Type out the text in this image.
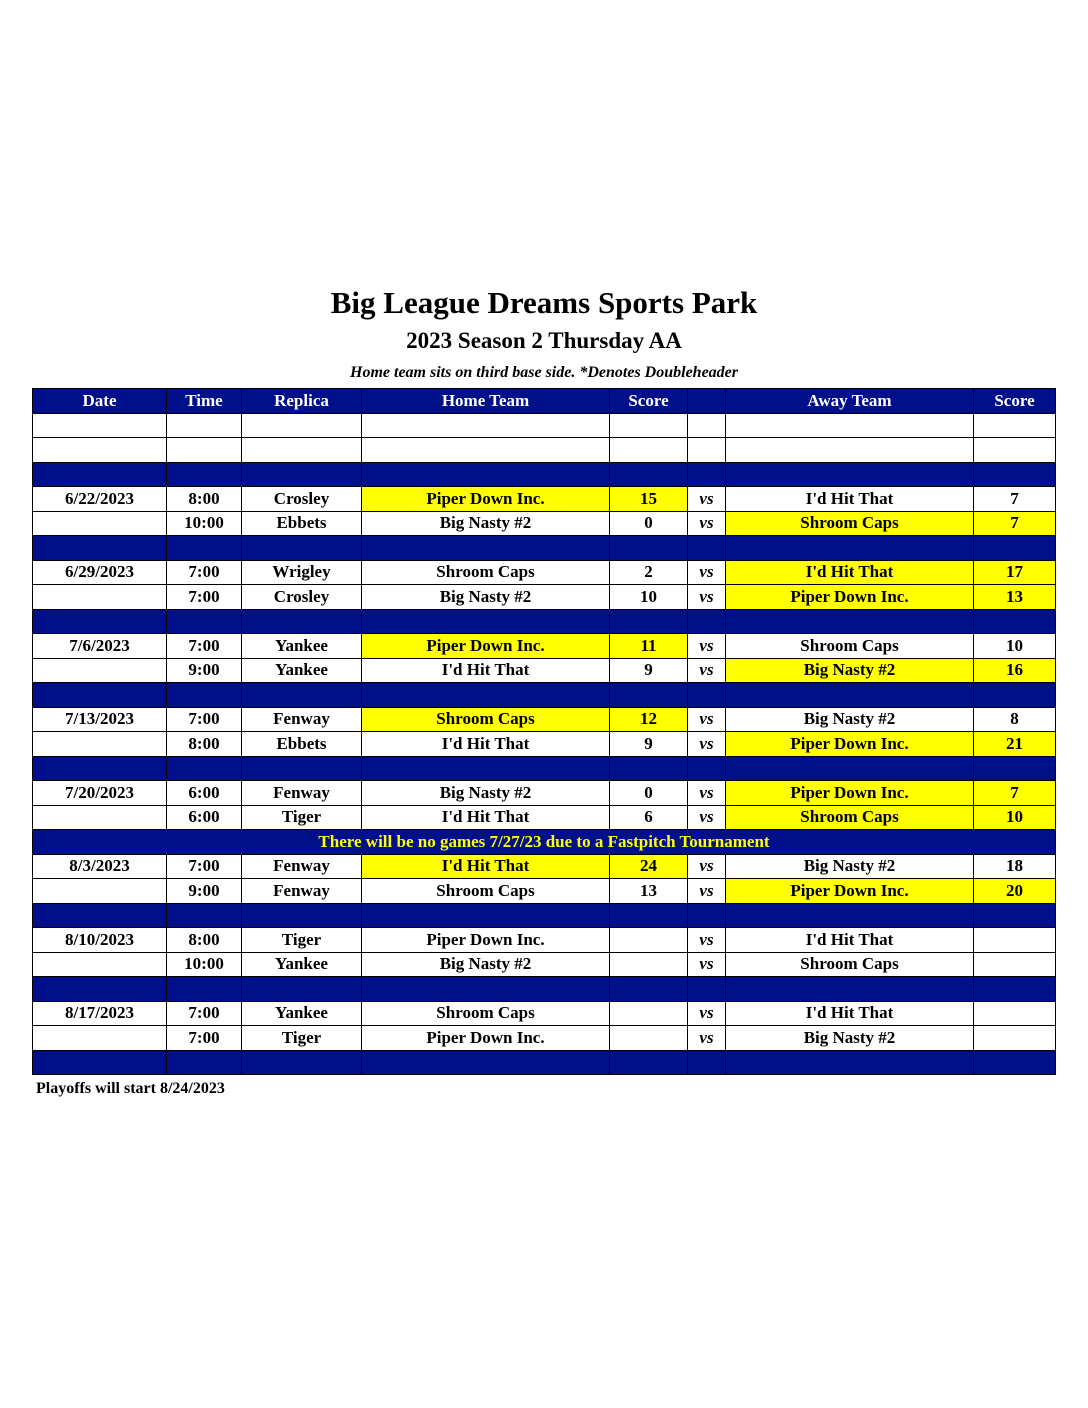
Big League Dreams Sports Park
2023 Season 2 Thursday AA
Home team sits on third base side. *Denotes Doubleheader
Date	Time	Replica	Home Team	Score		Away Team	Score

6/22/2023	8:00	Crosley	Piper Down Inc.	15	vs	I'd Hit That	7
	10:00	Ebbets	Big Nasty #2	0	vs	Shroom Caps	7

6/29/2023	7:00	Wrigley	Shroom Caps	2	vs	I'd Hit That	17
	7:00	Crosley	Big Nasty #2	10	vs	Piper Down Inc.	13

7/6/2023	7:00	Yankee	Piper Down Inc.	11	vs	Shroom Caps	10
	9:00	Yankee	I'd Hit That	9	vs	Big Nasty #2	16

7/13/2023	7:00	Fenway	Shroom Caps	12	vs	Big Nasty #2	8
	8:00	Ebbets	I'd Hit That	9	vs	Piper Down Inc.	21

7/20/2023	6:00	Fenway	Big Nasty #2	0	vs	Piper Down Inc.	7
	6:00	Tiger	I'd Hit That	6	vs	Shroom Caps	10
There will be no games 7/27/23 due to a Fastpitch Tournament							
8/3/2023	7:00	Fenway	I'd Hit That	24	vs	Big Nasty #2	18
	9:00	Fenway	Shroom Caps	13	vs	Piper Down Inc.	20

8/10/2023	8:00	Tiger	Piper Down Inc.		vs	I'd Hit That	
	10:00	Yankee	Big Nasty #2		vs	Shroom Caps	

8/17/2023	7:00	Yankee	Shroom Caps		vs	I'd Hit That	
	7:00	Tiger	Piper Down Inc.		vs	Big Nasty #2	

Playoffs will start 8/24/2023
